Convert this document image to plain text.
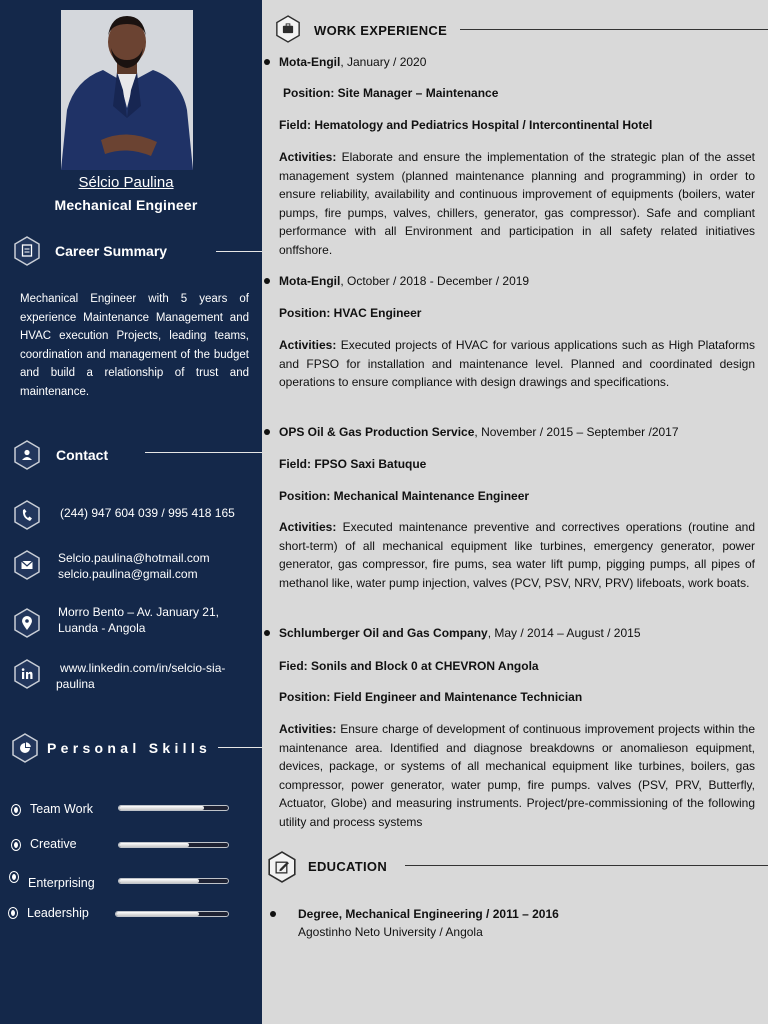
Sélcio Paulina
Mechanical Engineer
Career Summary
Mechanical Engineer with 5 years of experience Maintenance Management and HVAC execution Projects, leading teams, coordination and management of the budget and build a relationship of trust and maintenance.
Contact
(244) 947 604 039 / 995 418 165
Selcio.paulina@hotmail.com
selcio.paulina@gmail.com
Morro Bento – Av. January 21,
Luanda - Angola
www.linkedin.com/in/selcio-sia-
paulina
Personal Skills
Team Work
Creative
Enterprising
Leadership
WORK EXPERIENCE
Mota-Engil, January / 2020
Position: Site Manager – Maintenance
Field: Hematology and Pediatrics Hospital / Intercontinental Hotel
Activities: Elaborate and ensure the implementation of the strategic plan of the asset management system (planned maintenance planning and programming) in order to ensure reliability, availability and continuous improvement of equipments (boilers, water pumps, fire pumps, valves, chillers, generator, gas compressor). Safe and compliant performance with all Environment and participation in all safety related initiatives onffshore.
Mota-Engil, October / 2018 - December / 2019
Position: HVAC Engineer
Activities: Executed projects of HVAC for various applications such as High Plataforms and FPSO for installation and maintenance level. Planned and coordinated design operations to ensure compliance with design drawings and specifications.
OPS Oil & Gas Production Service, November / 2015 – September /2017
Field: FPSO Saxi Batuque
Position: Mechanical Maintenance Engineer
Activities: Executed maintenance preventive and correctives operations (routine and short-term) of all mechanical equipment like turbines, emergency generator, power generator, gas compressor, fire pums, sea water lift pump, pigging pumps, all pipes of methanol like, water pump injection, valves (PCV, PSV, NRV, PRV) lifeboats, work boats.
Schlumberger Oil and Gas Company, May / 2014 – August / 2015
Fied: Sonils and Block 0 at CHEVRON Angola
Position: Field Engineer and Maintenance Technician
Activities: Ensure charge of development of continuous improvement projects within the maintenance area. Identified and diagnose breakdowns or anomalieson equipment, devices, package, or systems of all mechanical equipment like turbines, boilers, gas compressor, power generator, water pump, fire pumps. valves (PSV, PRV, Butterfly, Actuator, Globe) and measuring instruments. Project/pre-commissioning of the following utility and process systems
EDUCATION
Degree, Mechanical Engineering / 2011 – 2016
Agostinho Neto University / Angola
